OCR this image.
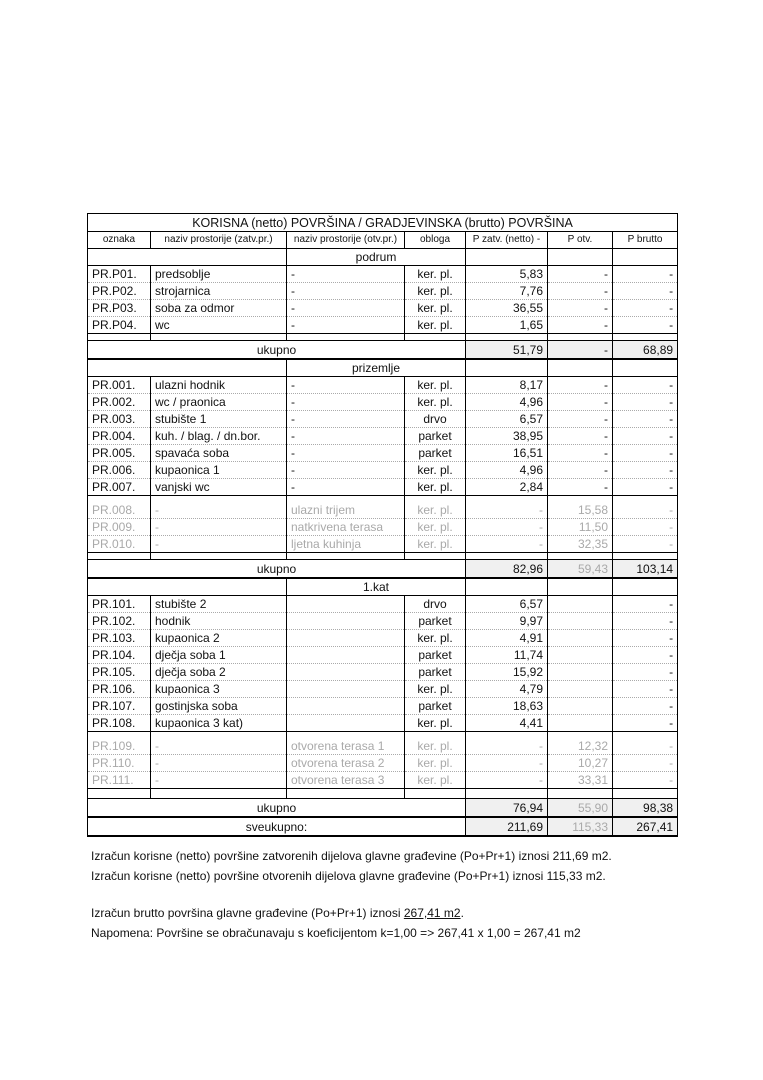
KORISNA (netto) POVRŠINA / GRADJEVINSKA (brutto) POVRŠINA						
oznaka	naziv prostorije (zatv.pr.)	naziv prostorije (otv.pr.)	obloga	P zatv. (netto) -	P otv.	P brutto
		podrum				
PR.P01.	predsoblje	-	ker. pl.	5,83	-	-
PR.P02.	strojarnica	-	ker. pl.	7,76	-	-
PR.P03.	soba za odmor	-	ker. pl.	36,55	-	-
PR.P04.	wc	-	ker. pl.	1,65	-	-

ukupno				51,79	-	68,89
		prizemlje				
PR.001.	ulazni hodnik	-	ker. pl.	8,17	-	-
PR.002.	wc / praonica	-	ker. pl.	4,96	-	-
PR.003.	stubište 1	-	drvo	6,57	-	-
PR.004.	kuh. / blag. / dn.bor.	-	parket	38,95	-	-
PR.005.	spavaća soba	-	parket	16,51	-	-
PR.006.	kupaonica 1	-	ker. pl.	4,96	-	-
PR.007.	vanjski wc	-	ker. pl.	2,84	-	-

PR.008.	-	ulazni trijem	ker. pl.	-	15,58	-
PR.009.	-	natkrivena terasa	ker. pl.	-	11,50	-
PR.010.	-	ljetna kuhinja	ker. pl.	-	32,35	-

ukupno				82,96	59,43	103,14
		1.kat				
PR.101.	stubište 2		drvo	6,57		-
PR.102.	hodnik		parket	9,97		-
PR.103.	kupaonica 2		ker. pl.	4,91		-
PR.104.	dječja soba 1		parket	11,74		-
PR.105.	dječja soba 2		parket	15,92		-
PR.106.	kupaonica 3		ker. pl.	4,79		-
PR.107.	gostinjska soba		parket	18,63		-
PR.108.	kupaonica 3 kat)		ker. pl.	4,41		-

PR.109.	-	otvorena terasa 1	ker. pl.	-	12,32	-
PR.110.	-	otvorena terasa 2	ker. pl.	-	10,27	-
PR.111.	-	otvorena terasa 3	ker. pl.	-	33,31	-

ukupno				76,94	55,90	98,38
sveukupno:				211,69	115,33	267,41
Izračun korisne (netto) površine zatvorenih dijelova glavne građevine (Po+Pr+1) iznosi 211,69 m2.
Izračun korisne (netto) površine otvorenih dijelova glavne građevine (Po+Pr+1) iznosi 115,33 m2.
Izračun brutto površina glavne građevine (Po+Pr+1) iznosi 267,41 m2.
Napomena: Površine se obračunavaju s koeficijentom k=1,00 => 267,41 x 1,00 = 267,41 m2
